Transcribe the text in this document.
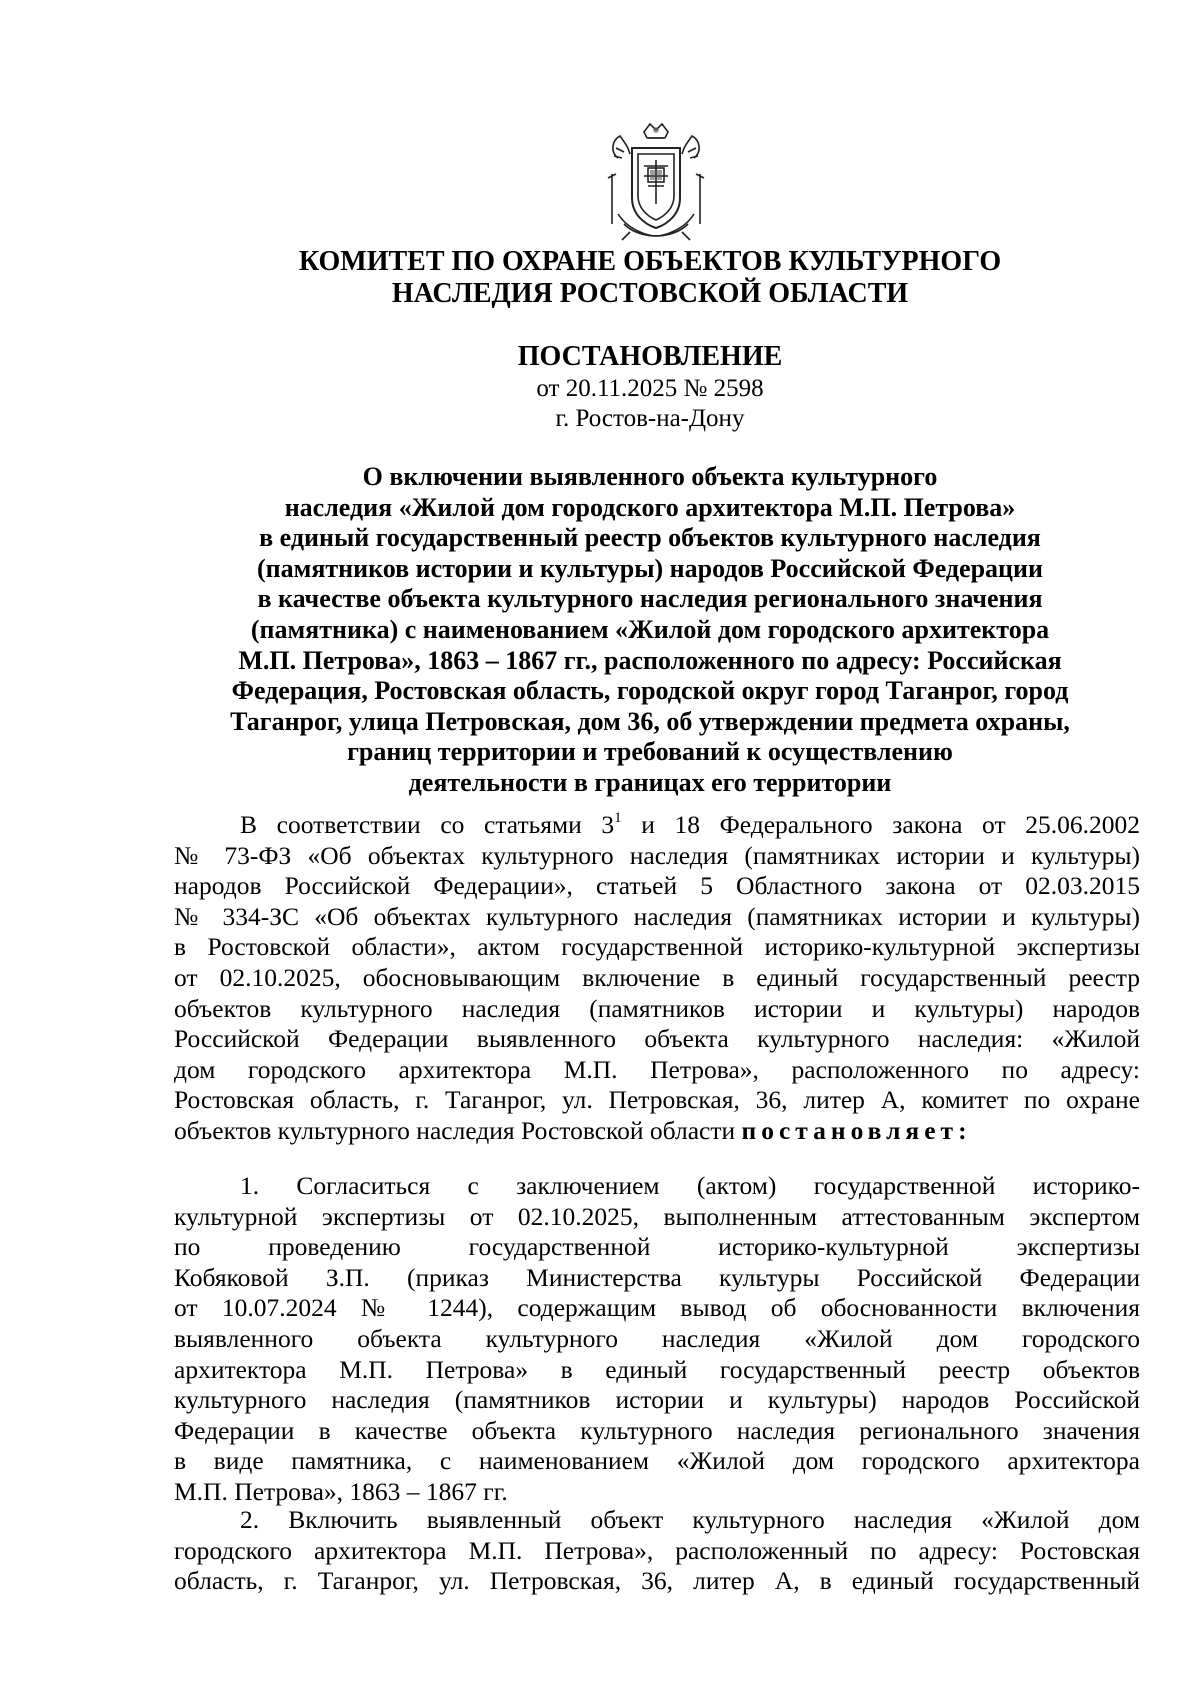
КОМИТЕТ ПО ОХРАНЕ ОБЪЕКТОВ КУЛЬТУРНОГО
НАСЛЕДИЯ РОСТОВСКОЙ ОБЛАСТИ
ПОСТАНОВЛЕНИЕ
от 20.11.2025 № 2598
г. Ростов-на-Дону
О включении выявленного объекта культурного
наследия «Жилой дом городского архитектора М.П. Петрова»
в единый государственный реестр объектов культурного наследия
(памятников истории и культуры) народов Российской Федерации
в качестве объекта культурного наследия регионального значения
(памятника) с наименованием «Жилой дом городского архитектора
М.П. Петрова», 1863 – 1867 гг., расположенного по адресу: Российская
Федерация, Ростовская область, городской округ город Таганрог, город
Таганрог, улица Петровская, дом 36, об утверждении предмета охраны,
границ территории и требований к осуществлению
деятельности в границах его территории
В соответствии со статьями $3^1$ и 18 Федерального закона от 25.06.2002
№ 73-ФЗ «Об объектах культурного наследия (памятниках истории и культуры)
народов Российской Федерации», статьей 5 Областного закона от 02.03.2015
№ 334-ЗС «Об объектах культурного наследия (памятниках истории и культуры)
в Ростовской области», актом государственной историко-культурной экспертизы
от 02.10.2025, обосновывающим включение в единый государственный реестр
объектов культурного наследия (памятников истории и культуры) народов
Российской Федерации выявленного объекта культурного наследия: «Жилой
дом городского архитектора М.П. Петрова», расположенного по адресу:
Ростовская область, г. Таганрог, ул. Петровская, 36, литер А, комитет по охране
объектов культурного наследия Ростовской области постановляет:
1. Согласиться с заключением (актом) государственной историко-
культурной экспертизы от 02.10.2025, выполненным аттестованным экспертом
по проведению государственной историко-культурной экспертизы
Кобяковой З.П. (приказ Министерства культуры Российской Федерации
от 10.07.2024 № 1244), содержащим вывод об обоснованности включения
выявленного объекта культурного наследия «Жилой дом городского
архитектора М.П. Петрова» в единый государственный реестр объектов
культурного наследия (памятников истории и культуры) народов Российской
Федерации в качестве объекта культурного наследия регионального значения
в виде памятника, с наименованием «Жилой дом городского архитектора
М.П. Петрова», 1863 – 1867 гг.
2. Включить выявленный объект культурного наследия «Жилой дом
городского архитектора М.П. Петрова», расположенный по адресу: Ростовская
область, г. Таганрог, ул. Петровская, 36, литер А, в единый государственный
